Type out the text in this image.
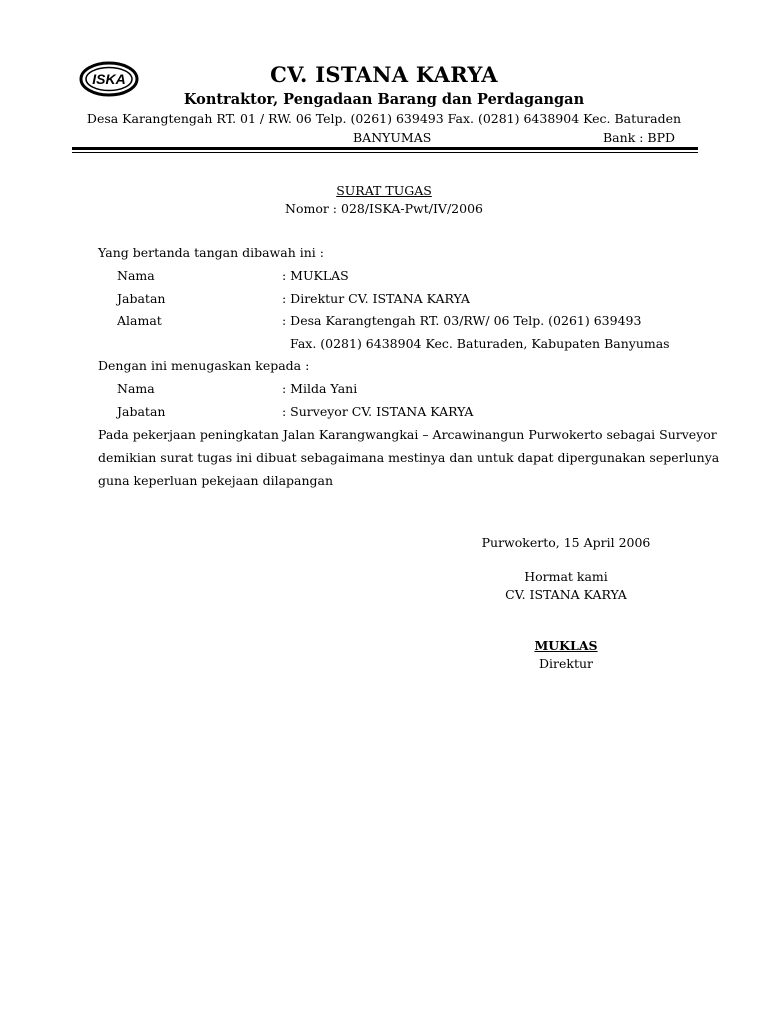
ISKA	CV. ISTANA KARYA
Kontraktor, Pengadaan Barang dan Perdagangan
Desa Karangtengah RT. 01 / RW. 06 Telp. (0261) 639493 Fax. (0281) 6438904 Kec. Baturaden
BANYUMAS	Bank : BPD
SURAT TUGAS
Nomor : 028/ISKA-Pwt/IV/2006
Yang bertanda tangan dibawah ini :
Nama	: MUKLAS
Jabatan	: Direktur CV. ISTANA KARYA
Alamat	: Desa Karangtengah RT. 03/RW/ 06 Telp. (0261) 639493
Fax. (0281) 6438904 Kec. Baturaden, Kabupaten Banyumas
Dengan ini menugaskan kepada :
Nama	: Milda Yani
Jabatan	: Surveyor CV. ISTANA KARYA
Pada pekerjaan peningkatan Jalan Karangwangkai – Arcawinangun Purwokerto sebagai Surveyor
demikian surat tugas ini dibuat sebagaimana mestinya dan untuk dapat dipergunakan seperlunya
guna keperluan pekejaan dilapangan
Purwokerto, 15 April 2006
Hormat kami
CV. ISTANA KARYA
MUKLAS
Direktur
